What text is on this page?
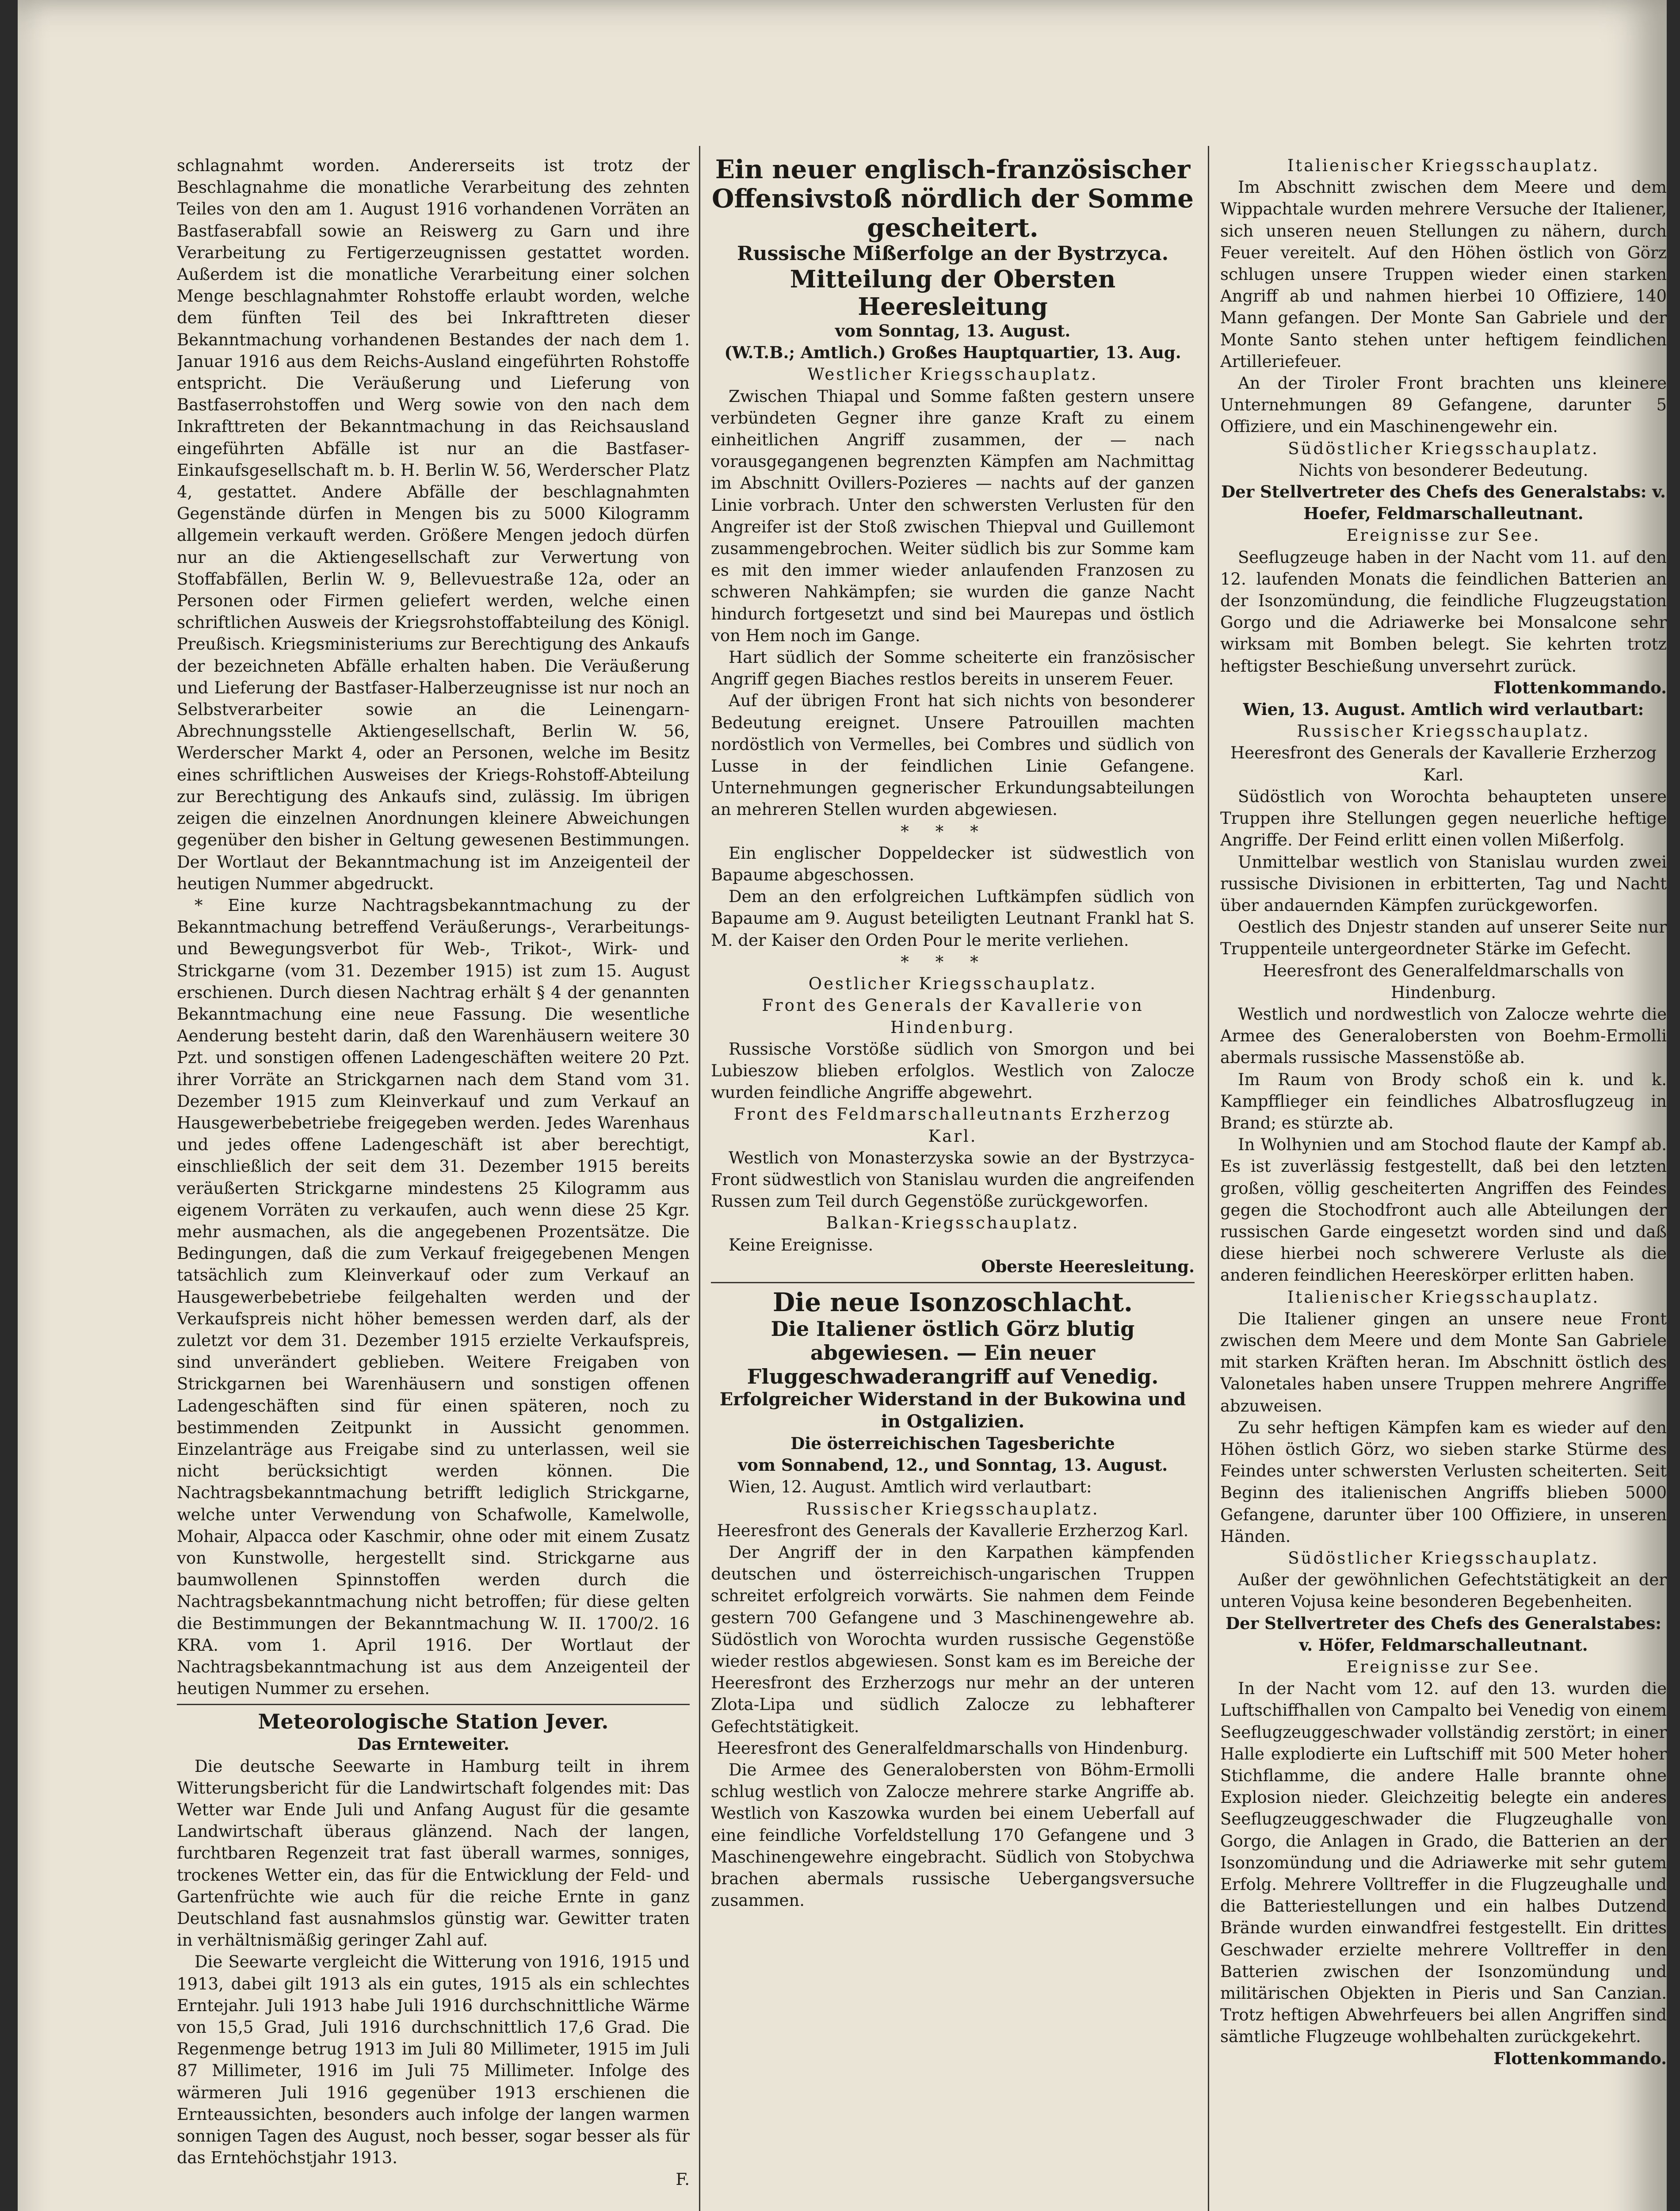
schlagnahmt worden. Andererseits ist trotz der Beschlagnahme die monatliche Verarbeitung des zehnten Teiles von den am 1. August 1916 vorhandenen Vorräten an Bastfaserabfall sowie an Reiswerg zu Garn und ihre Verarbeitung zu Fertigerzeugnissen gestattet worden. Außerdem ist die monatliche Verarbeitung einer solchen Menge beschlagnahmter Rohstoffe erlaubt worden, welche dem fünften Teil des bei Inkrafttreten dieser Bekanntmachung vorhandenen Bestandes der nach dem 1. Januar 1916 aus dem Reichs-Ausland eingeführten Rohstoffe entspricht. Die Veräußerung und Lieferung von Bastfaserrohstoffen und Werg sowie von den nach dem Inkrafttreten der Bekanntmachung in das Reichsausland eingeführten Abfälle ist nur an die Bastfaser-Einkaufsgesellschaft m. b. H. Berlin W. 56, Werderscher Platz 4, gestattet. Andere Abfälle der beschlagnahmten Gegenstände dürfen in Mengen bis zu 5000 Kilogramm allgemein verkauft werden. Größere Mengen jedoch dürfen nur an die Aktiengesellschaft zur Verwertung von Stoffabfällen, Berlin W. 9, Bellevuestraße 12a, oder an Personen oder Firmen geliefert werden, welche einen schriftlichen Ausweis der Kriegsrohstoffabteilung des Königl. Preußisch. Kriegsministeriums zur Berechtigung des Ankaufs der bezeichneten Abfälle erhalten haben. Die Veräußerung und Lieferung der Bastfaser-Halberzeugnisse ist nur noch an Selbstverarbeiter sowie an die Leinengarn-Abrechnungsstelle Aktiengesellschaft, Berlin W. 56, Werderscher Markt 4, oder an Personen, welche im Besitz eines schriftlichen Ausweises der Kriegs-Rohstoff-Abteilung zur Berechtigung des Ankaufs sind, zulässig. Im übrigen zeigen die einzelnen Anordnungen kleinere Abweichungen gegenüber den bisher in Geltung gewesenen Bestimmungen. Der Wortlaut der Bekanntmachung ist im Anzeigenteil der heutigen Nummer abgedruckt.

* Eine kurze Nachtragsbekanntmachung zu der Bekanntmachung betreffend Veräußerungs-, Verarbeitungs- und Bewegungsverbot für Web-, Trikot-, Wirk- und Strickgarne (vom 31. Dezember 1915) ist zum 15. August erschienen. Durch diesen Nachtrag erhält § 4 der genannten Bekanntmachung eine neue Fassung. Die wesentliche Aenderung besteht darin, daß den Warenhäusern weitere 30 Pzt. und sonstigen offenen Ladengeschäften weitere 20 Pzt. ihrer Vorräte an Strickgarnen nach dem Stand vom 31. Dezember 1915 zum Kleinverkauf und zum Verkauf an Hausgewerbebetriebe freigegeben werden. Jedes Warenhaus und jedes offene Ladengeschäft ist aber berechtigt, einschließlich der seit dem 31. Dezember 1915 bereits veräußerten Strickgarne mindestens 25 Kilogramm aus eigenem Vorräten zu verkaufen, auch wenn diese 25 Kgr. mehr ausmachen, als die angegebenen Prozentsätze. Die Bedingungen, daß die zum Verkauf freigegebenen Mengen tatsächlich zum Kleinverkauf oder zum Verkauf an Hausgewerbebetriebe feilgehalten werden und der Verkaufspreis nicht höher bemessen werden darf, als der zuletzt vor dem 31. Dezember 1915 erzielte Verkaufspreis, sind unverändert geblieben. Weitere Freigaben von Strickgarnen bei Warenhäusern und sonstigen offenen Ladengeschäften sind für einen späteren, noch zu bestimmenden Zeitpunkt in Aussicht genommen. Einzelanträge aus Freigabe sind zu unterlassen, weil sie nicht berücksichtigt werden können. Die Nachtragsbekanntmachung betrifft lediglich Strickgarne, welche unter Verwendung von Schafwolle, Kamelwolle, Mohair, Alpacca oder Kaschmir, ohne oder mit einem Zusatz von Kunstwolle, hergestellt sind. Strickgarne aus baumwollenen Spinnstoffen werden durch die Nachtragsbekanntmachung nicht betroffen; für diese gelten die Bestimmungen der Bekanntmachung W. II. 1700/2. 16 KRA. vom 1. April 1916. Der Wortlaut der Nachtragsbekanntmachung ist aus dem Anzeigenteil der heutigen Nummer zu ersehen.

Meteorologische Station Jever.
Das Ernteweiter.

Die deutsche Seewarte in Hamburg teilt in ihrem Witterungsbericht für die Landwirtschaft folgendes mit: Das Wetter war Ende Juli und Anfang August für die gesamte Landwirtschaft überaus glänzend. Nach der langen, furchtbaren Regenzeit trat fast überall warmes, sonniges, trockenes Wetter ein, das für die Entwicklung der Feld- und Gartenfrüchte wie auch für die reiche Ernte in ganz Deutschland fast ausnahmslos günstig war. Gewitter traten in verhältnismäßig geringer Zahl auf.

Die Seewarte vergleicht die Witterung von 1916, 1915 und 1913, dabei gilt 1913 als ein gutes, 1915 als ein schlechtes Erntejahr. Juli 1913 habe Juli 1916 durchschnittliche Wärme von 15,5 Grad, Juli 1916 durchschnittlich 17,6 Grad. Die Regenmenge betrug 1913 im Juli 80 Millimeter, 1915 im Juli 87 Millimeter, 1916 im Juli 75 Millimeter. Infolge des wärmeren Juli 1916 gegenüber 1913 erschienen die Ernteaussichten, besonders auch infolge der langen warmen sonnigen Tagen des August, noch besser, sogar besser als für das Erntehöchstjahr 1913.

F.
Ein neuer englisch-französischer Offensivstoß nördlich der Somme gescheitert.
Russische Mißerfolge an der Bystrzyca.
Mitteilung der Obersten Heeresleitung
vom Sonntag, 13. August.
(W.T.B.; Amtlich.) Großes Hauptquartier, 13. Aug.
Westlicher Kriegsschauplatz.

Zwischen Thiapal und Somme faßten gestern unsere verbündeten Gegner ihre ganze Kraft zu einem einheitlichen Angriff zusammen, der — nach vorausgegangenen begrenzten Kämpfen am Nachmittag im Abschnitt Ovillers-Pozieres — nachts auf der ganzen Linie vorbrach. Unter den schwersten Verlusten für den Angreifer ist der Stoß zwischen Thiepval und Guillemont zusammengebrochen. Weiter südlich bis zur Somme kam es mit den immer wieder anlaufenden Franzosen zu schweren Nahkämpfen; sie wurden die ganze Nacht hindurch fortgesetzt und sind bei Maurepas und östlich von Hem noch im Gange.

Hart südlich der Somme scheiterte ein französischer Angriff gegen Biaches restlos bereits in unserem Feuer.

Auf der übrigen Front hat sich nichts von besonderer Bedeutung ereignet. Unsere Patrouillen machten nordöstlich von Vermelles, bei Combres und südlich von Lusse in der feindlichen Linie Gefangene. Unternehmungen gegnerischer Erkundungsabteilungen an mehreren Stellen wurden abgewiesen.

***

Ein englischer Doppeldecker ist südwestlich von Bapaume abgeschossen.

Dem an den erfolgreichen Luftkämpfen südlich von Bapaume am 9. August beteiligten Leutnant Frankl hat S. M. der Kaiser den Orden Pour le merite verliehen.

***
Oestlicher Kriegsschauplatz.
Front des Generals der Kavallerie von Hindenburg.

Russische Vorstöße südlich von Smorgon und bei Lubieszow blieben erfolglos. Westlich von Zalocze wurden feindliche Angriffe abgewehrt.

Front des Feldmarschalleutnants Erzherzog Karl.

Westlich von Monasterzyska sowie an der Bystrzyca-Front südwestlich von Stanislau wurden die angreifenden Russen zum Teil durch Gegenstöße zurückgeworfen.

Balkan-Kriegsschauplatz.

Keine Ereignisse.

Oberste Heeresleitung.
Die neue Isonzoschlacht.
Die Italiener östlich Görz blutig abgewiesen. — Ein neuer Fluggeschwaderangriff auf Venedig.
Erfolgreicher Widerstand in der Bukowina und in Ostgalizien.
Die österreichischen Tagesberichte
vom Sonnabend, 12., und Sonntag, 13. August.

Wien, 12. August. Amtlich wird verlautbart:

Russischer Kriegsschauplatz.
Heeresfront des Generals der Kavallerie Erzherzog Karl.

Der Angriff der in den Karpathen kämpfenden deutschen und österreichisch-ungarischen Truppen schreitet erfolgreich vorwärts. Sie nahmen dem Feinde gestern 700 Gefangene und 3 Maschinengewehre ab. Südöstlich von Worochta wurden russische Gegenstöße wieder restlos abgewiesen. Sonst kam es im Bereiche der Heeresfront des Erzherzogs nur mehr an der unteren Zlota-Lipa und südlich Zalocze zu lebhafterer Gefechtstätigkeit.

Heeresfront des Generalfeldmarschalls von Hindenburg.

Die Armee des Generalobersten von Böhm-Ermolli schlug westlich von Zalocze mehrere starke Angriffe ab. Westlich von Kaszowka wurden bei einem Ueberfall auf eine feindliche Vorfeldstellung 170 Gefangene und 3 Maschinengewehre eingebracht. Südlich von Stobychwa brachen abermals russische Uebergangsversuche zusammen.

Italienischer Kriegsschauplatz.

Im Abschnitt zwischen dem Meere und dem Wippachtale wurden mehrere Versuche der Italiener, sich unseren neuen Stellungen zu nähern, durch Feuer vereitelt. Auf den Höhen östlich von Görz schlugen unsere Truppen wieder einen starken Angriff ab und nahmen hierbei 10 Offiziere, 140 Mann gefangen. Der Monte San Gabriele und der Monte Santo stehen unter heftigem feindlichen Artilleriefeuer.

An der Tiroler Front brachten uns kleinere Unternehmungen 89 Gefangene, darunter 5 Offiziere, und ein Maschinengewehr ein.

Südöstlicher Kriegsschauplatz.
Nichts von besonderer Bedeutung.
Der Stellvertreter des Chefs des Generalstabs: v. Hoefer, Feldmarschalleutnant.
Ereignisse zur See.

Seeflugzeuge haben in der Nacht vom 11. auf den 12. laufenden Monats die feindlichen Batterien an der Isonzomündung, die feindliche Flugzeugstation Gorgo und die Adriawerke bei Monsalcone sehr wirksam mit Bomben belegt. Sie kehrten trotz heftigster Beschießung unversehrt zurück.

Flottenkommando.
Wien, 13. August. Amtlich wird verlautbart:
Russischer Kriegsschauplatz.
Heeresfront des Generals der Kavallerie Erzherzog Karl.

Südöstlich von Worochta behaupteten unsere Truppen ihre Stellungen gegen neuerliche heftige Angriffe. Der Feind erlitt einen vollen Mißerfolg.

Unmittelbar westlich von Stanislau wurden zwei russische Divisionen in erbitterten, Tag und Nacht über andauernden Kämpfen zurückgeworfen.

Oestlich des Dnjestr standen auf unserer Seite nur Truppenteile untergeordneter Stärke im Gefecht.

Heeresfront des Generalfeldmarschalls von Hindenburg.

Westlich und nordwestlich von Zalocze wehrte die Armee des Generalobersten von Boehm-Ermolli abermals russische Massenstöße ab.

Im Raum von Brody schoß ein k. und k. Kampfflieger ein feindliches Albatrosflugzeug in Brand; es stürzte ab.

In Wolhynien und am Stochod flaute der Kampf ab. Es ist zuverlässig festgestellt, daß bei den letzten großen, völlig gescheiterten Angriffen des Feindes gegen die Stochodfront auch alle Abteilungen der russischen Garde eingesetzt worden sind und daß diese hierbei noch schwerere Verluste als die anderen feindlichen Heereskörper erlitten haben.

Italienischer Kriegsschauplatz.

Die Italiener gingen an unsere neue Front zwischen dem Meere und dem Monte San Gabriele mit starken Kräften heran. Im Abschnitt östlich des Valonetales haben unsere Truppen mehrere Angriffe abzuweisen.

Zu sehr heftigen Kämpfen kam es wieder auf den Höhen östlich Görz, wo sieben starke Stürme des Feindes unter schwersten Verlusten scheiterten. Seit Beginn des italienischen Angriffs blieben 5000 Gefangene, darunter über 100 Offiziere, in unseren Händen.

Südöstlicher Kriegsschauplatz.

Außer der gewöhnlichen Gefechtstätigkeit an der unteren Vojusa keine besonderen Begebenheiten.

Der Stellvertreter des Chefs des Generalstabes: v. Höfer, Feldmarschalleutnant.
Ereignisse zur See.

In der Nacht vom 12. auf den 13. wurden die Luftschiffhallen von Campalto bei Venedig von einem Seeflugzeuggeschwader vollständig zerstört; in einer Halle explodierte ein Luftschiff mit 500 Meter hoher Stichflamme, die andere Halle brannte ohne Explosion nieder. Gleichzeitig belegte ein anderes Seeflugzeuggeschwader die Flugzeughalle von Gorgo, die Anlagen in Grado, die Batterien an der Isonzomündung und die Adriawerke mit sehr gutem Erfolg. Mehrere Volltreffer in die Flugzeughalle und die Batteriestellungen und ein halbes Dutzend Brände wurden einwandfrei festgestellt. Ein drittes Geschwader erzielte mehrere Volltreffer in den Batterien zwischen der Isonzomündung und militärischen Objekten in Pieris und San Canzian. Trotz heftigen Abwehrfeuers bei allen Angriffen sind sämtliche Flugzeuge wohlbehalten zurückgekehrt.

Flottenkommando.
